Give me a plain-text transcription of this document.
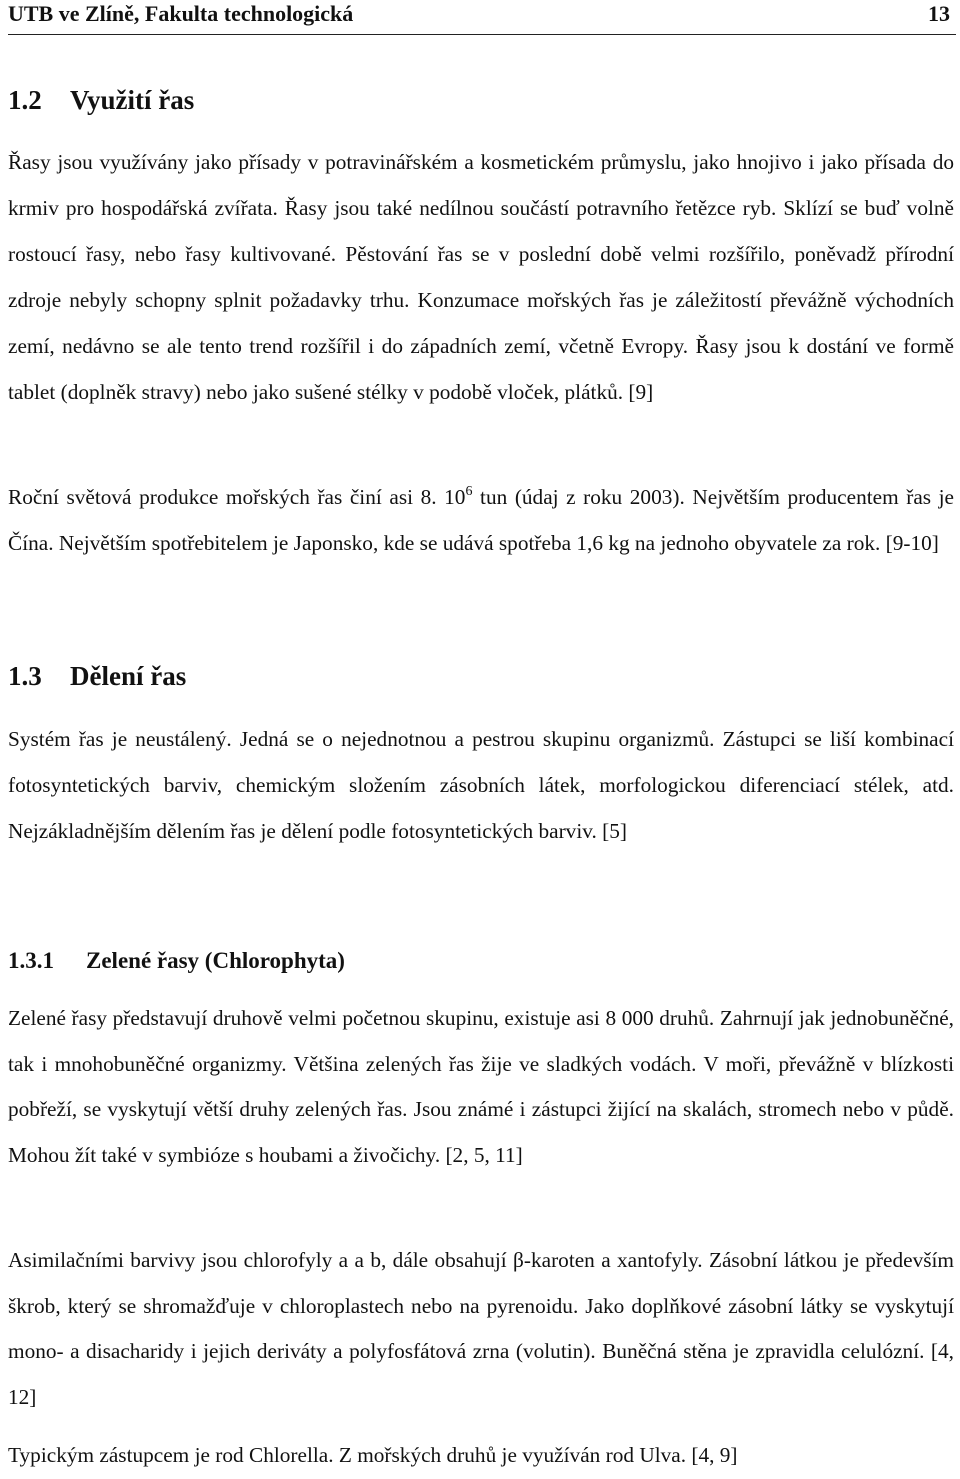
UTB ve Zlíně, Fakulta technologická	13
1.2 Využití řas

Řasy jsou využívány jako přísady v potravinářském a kosmetickém průmyslu, jako hnojivo i jako přísada do krmiv pro hospodářská zvířata. Řasy jsou také nedílnou součástí potravního řetězce ryb. Sklízí se buď volně rostoucí řasy, nebo řasy kultivované. Pěstování řas se v poslední době velmi rozšířilo, poněvadž přírodní zdroje nebyly schopny splnit požadavky trhu. Konzumace mořských řas je záležitostí převážně východních zemí, nedávno se ale tento trend rozšířil i do západních zemí, včetně Evropy. Řasy jsou k dostání ve formě tablet (doplněk stravy) nebo jako sušené stélky v podobě vloček, plátků. [9]

Roční světová produkce mořských řas činí asi 8. $10^6$ tun (údaj z roku 2003). Největším producentem řas je Čína. Největším spotřebitelem je Japonsko, kde se udává spotřeba 1,6 kg na jednoho obyvatele za rok. [9-10]

1.3 Dělení řas

Systém řas je neustálený. Jedná se o nejednotnou a pestrou skupinu organizmů. Zástupci se liší kombinací fotosyntetických barviv, chemickým složením zásobních látek, morfologickou diferenciací stélek, atd. Nejzákladnějším dělením řas je dělení podle fotosyntetických barviv. [5]

1.3.1 Zelené řasy (Chlorophyta)

Zelené řasy představují druhově velmi početnou skupinu, existuje asi 8 000 druhů. Zahrnují jak jednobuněčné, tak i mnohobuněčné organizmy. Většina zelených řas žije ve sladkých vodách. V moři, převážně v blízkosti pobřeží, se vyskytují větší druhy zelených řas. Jsou známé i zástupci žijící na skalách, stromech nebo v půdě. Mohou žít také v symbióze s houbami a živočichy. [2, 5, 11]

Asimilačními barvivy jsou chlorofyly a a b, dále obsahují β-karoten a xantofyly. Zásobní látkou je především škrob, který se shromažďuje v chloroplastech nebo na pyrenoidu. Jako doplňkové zásobní látky se vyskytují mono- a disacharidy i jejich deriváty a polyfosfátová zrna (volutin). Buněčná stěna je zpravidla celulózní. [4, 12]

Typickým zástupcem je rod Chlorella. Z mořských druhů je využíván rod Ulva. [4, 9]
